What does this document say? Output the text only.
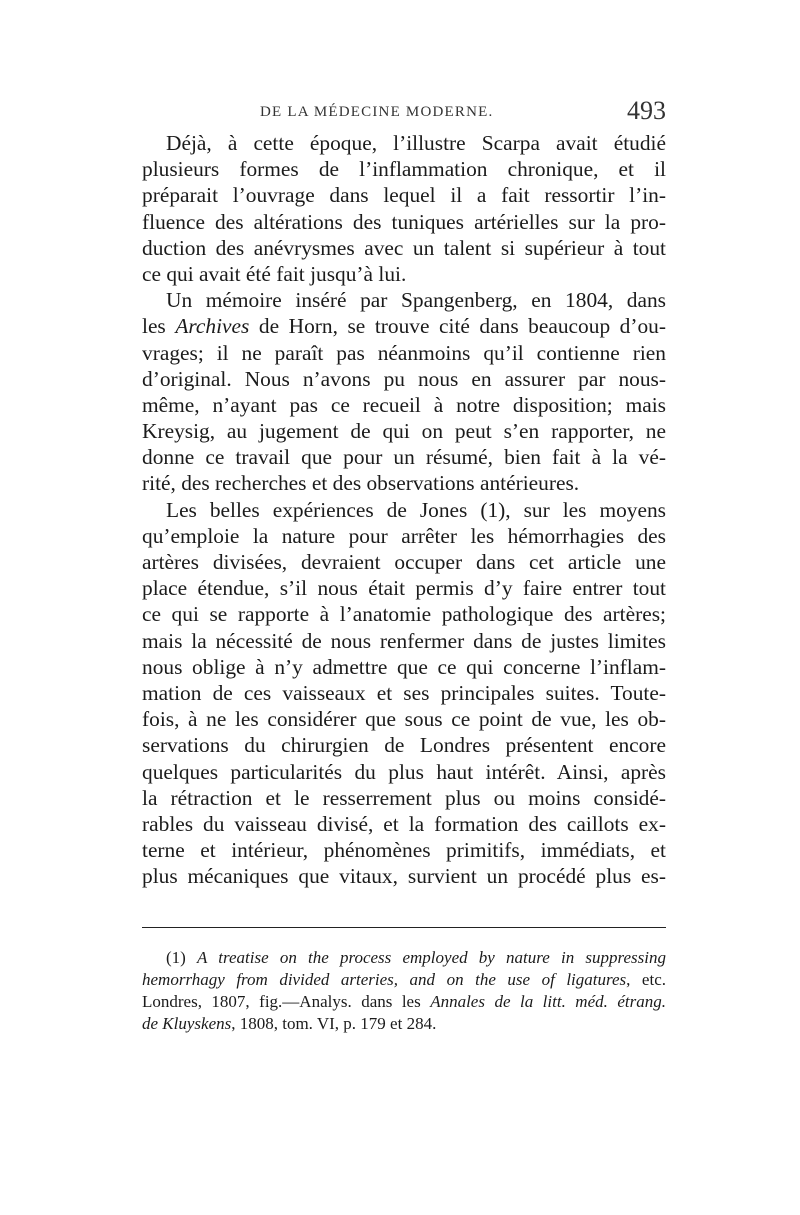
DE LA MÉDECINE MODERNE.	493
Déjà, à cette époque, l’illustre Scarpa avait étudié
plusieurs formes de l’inflammation chronique, et il
préparait l’ouvrage dans lequel il a fait ressortir l’in-
fluence des altérations des tuniques artérielles sur la pro-
duction des anévrysmes avec un talent si supérieur à tout
ce qui avait été fait jusqu’à lui.
Un mémoire inséré par Spangenberg, en 1804, dans
les Archives de Horn, se trouve cité dans beaucoup d’ou-
vrages; il ne paraît pas néanmoins qu’il contienne rien
d’original. Nous n’avons pu nous en assurer par nous-
même, n’ayant pas ce recueil à notre disposition; mais
Kreysig, au jugement de qui on peut s’en rapporter, ne
donne ce travail que pour un résumé, bien fait à la vé-
rité, des recherches et des observations antérieures.
Les belles expériences de Jones (1), sur les moyens
qu’emploie la nature pour arrêter les hémorrhagies des
artères divisées, devraient occuper dans cet article une
place étendue, s’il nous était permis d’y faire entrer tout
ce qui se rapporte à l’anatomie pathologique des artères;
mais la nécessité de nous renfermer dans de justes limites
nous oblige à n’y admettre que ce qui concerne l’inflam-
mation de ces vaisseaux et ses principales suites. Toute-
fois, à ne les considérer que sous ce point de vue, les ob-
servations du chirurgien de Londres présentent encore
quelques particularités du plus haut intérêt. Ainsi, après
la rétraction et le resserrement plus ou moins considé-
rables du vaisseau divisé, et la formation des caillots ex-
terne et intérieur, phénomènes primitifs, immédiats, et
plus mécaniques que vitaux, survient un procédé plus es-
(1) A treatise on the process employed by nature in suppressing
hemorrhagy from divided arteries, and on the use of ligatures, etc.
Londres, 1807, fig.—Analys. dans les Annales de la litt. méd. étrang.
de Kluyskens, 1808, tom. VI, p. 179 et 284.
